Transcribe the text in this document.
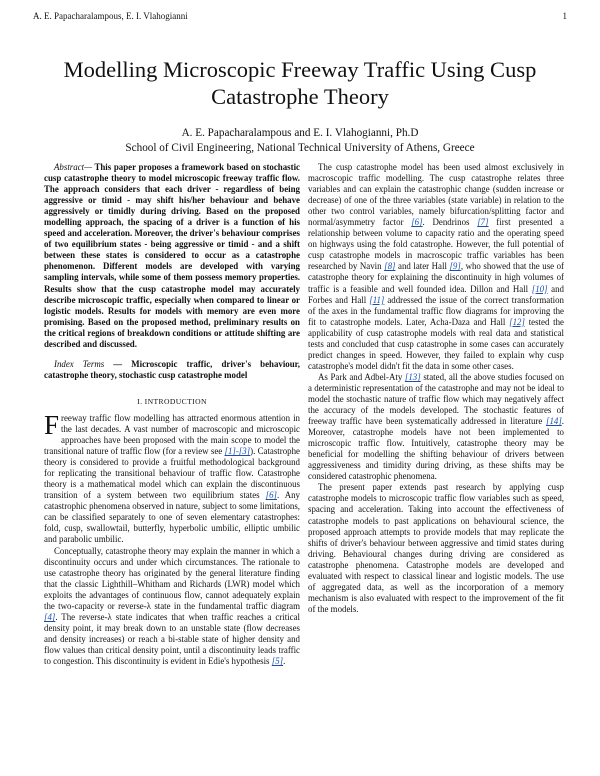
A. E. Papacharalampous, E. I. Vlahogianni	1
Modelling Microscopic Freeway Traffic Using Cusp Catastrophe Theory
A. E. Papacharalampous and E. I. Vlahogianni, Ph.D
School of Civil Engineering, National Technical University of Athens, Greece

Abstract— This paper proposes a framework based on stochastic cusp catastrophe theory to model microscopic freeway traffic flow. The approach considers that each driver - regardless of being aggressive or timid - may shift his/her behaviour and behave aggressively or timidly during driving. Based on the proposed modelling approach, the spacing of a driver is a function of his speed and acceleration. Moreover, the driver's behaviour comprises of two equilibrium states - being aggressive or timid - and a shift between these states is considered to occur as a catastrophe phenomenon. Different models are developed with varying sampling intervals, while some of them possess memory properties. Results show that the cusp catastrophe model may accurately describe microscopic traffic, especially when compared to linear or logistic models. Results for models with memory are even more promising. Based on the proposed method, preliminary results on the critical regions of breakdown conditions or attitude shifting are described and discussed.

Index Terms — Microscopic traffic, driver's behaviour, catastrophe theory, stochastic cusp catastrophe model

I. INTRODUCTION

Freeway traffic flow modelling has attracted enormous attention in the last decades. A vast number of macroscopic and microscopic approaches have been proposed with the main scope to model the transitional nature of traffic flow (for a review see [1]-[3]). Catastrophe theory is considered to provide a fruitful methodological background for replicating the transitional behaviour of traffic flow. Catastrophe theory is a mathematical model which can explain the discontinuous transition of a system between two equilibrium states [6]. Any catastrophic phenomena observed in nature, subject to some limitations, can be classified separately to one of seven elementary catastrophes: fold, cusp, swallowtail, butterfly, hyperbolic umbilic, elliptic umbilic and parabolic umbilic.

Conceptually, catastrophe theory may explain the manner in which a discontinuity occurs and under which circumstances. The rationale to use catastrophe theory has originated by the general literature finding that the classic Lighthill–Whitham and Richards (LWR) model which exploits the advantages of continuous flow, cannot adequately explain the two-capacity or reverse-λ state in the fundamental traffic diagram [4]. The reverse-λ state indicates that when traffic reaches a critical density point, it may break down to an unstable state (flow decreases and density increases) or reach a bi-stable state of higher density and flow values than critical density point, until a discontinuity leads traffic to congestion. This discontinuity is evident in Edie's hypothesis [5].

The cusp catastrophe model has been used almost exclusively in macroscopic traffic modelling. The cusp catastrophe relates three variables and can explain the catastrophic change (sudden increase or decrease) of one of the three variables (state variable) in relation to the other two control variables, namely bifurcation/splitting factor and normal/asymmetry factor [6]. Dendrinos [7] first presented a relationship between volume to capacity ratio and the operating speed on highways using the fold catastrophe. However, the full potential of cusp catastrophe models in macroscopic traffic variables has been researched by Navin [8] and later Hall [9], who showed that the use of catastrophe theory for explaining the discontinuity in high volumes of traffic is a feasible and well founded idea. Dillon and Hall [10] and Forbes and Hall [11] addressed the issue of the correct transformation of the axes in the fundamental traffic flow diagrams for improving the fit to catastrophe models. Later, Acha-Daza and Hall [12] tested the applicability of cusp catastrophe models with real data and statistical tests and concluded that cusp catastrophe in some cases can accurately predict changes in speed. However, they failed to explain why cusp catastrophe's model didn't fit the data in some other cases.

As Park and Adbel-Aty [13] stated, all the above studies focused on a deterministic representation of the catastrophe and may not be ideal to model the stochastic nature of traffic flow which may negatively affect the accuracy of the models developed. The stochastic features of freeway traffic have been systematically addressed in literature [14]. Moreover, catastrophe models have not been implemented to microscopic traffic flow. Intuitively, catastrophe theory may be beneficial for modelling the shifting behaviour of drivers between aggressiveness and timidity during driving, as these shifts may be considered catastrophic phenomena.

The present paper extends past research by applying cusp catastrophe models to microscopic traffic flow variables such as speed, spacing and acceleration. Taking into account the effectiveness of catastrophe models to past applications on behavioural science, the proposed approach attempts to provide models that may replicate the shifts of driver's behaviour between aggressive and timid states during driving. Behavioural changes during driving are considered as catastrophe phenomena. Catastrophe models are developed and evaluated with respect to classical linear and logistic models. The use of aggregated data, as well as the incorporation of a memory mechanism is also evaluated with respect to the improvement of the fit of the models.
